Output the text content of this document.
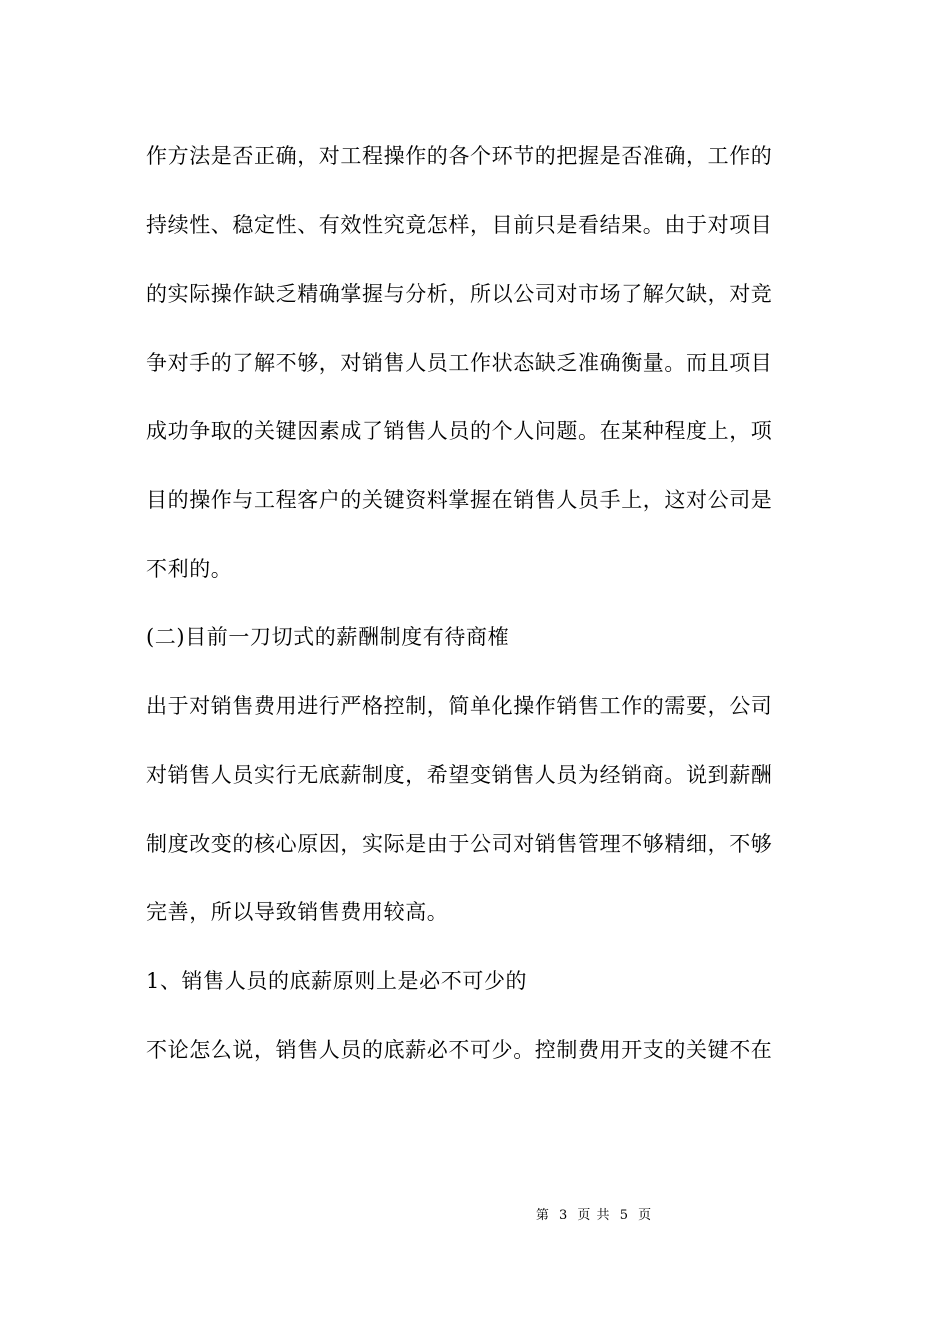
作方法是否正确，对工程操作的各个环节的把握是否准确，工作的
持续性、稳定性、有效性究竟怎样，目前只是看结果。由于对项目
的实际操作缺乏精确掌握与分析，所以公司对市场了解欠缺，对竞
争对手的了解不够，对销售人员工作状态缺乏准确衡量。而且项目
成功争取的关键因素成了销售人员的个人问题。在某种程度上，项
目的操作与工程客户的关键资料掌握在销售人员手上，这对公司是
不利的。
(二)目前一刀切式的薪酬制度有待商榷
出于对销售费用进行严格控制，简单化操作销售工作的需要，公司
对销售人员实行无底薪制度，希望变销售人员为经销商。说到薪酬
制度改变的核心原因，实际是由于公司对销售管理不够精细，不够
完善，所以导致销售费用较高。
1、销售人员的底薪原则上是必不可少的
不论怎么说，销售人员的底薪必不可少。控制费用开支的关键不在
第 3 页 共 5 页
